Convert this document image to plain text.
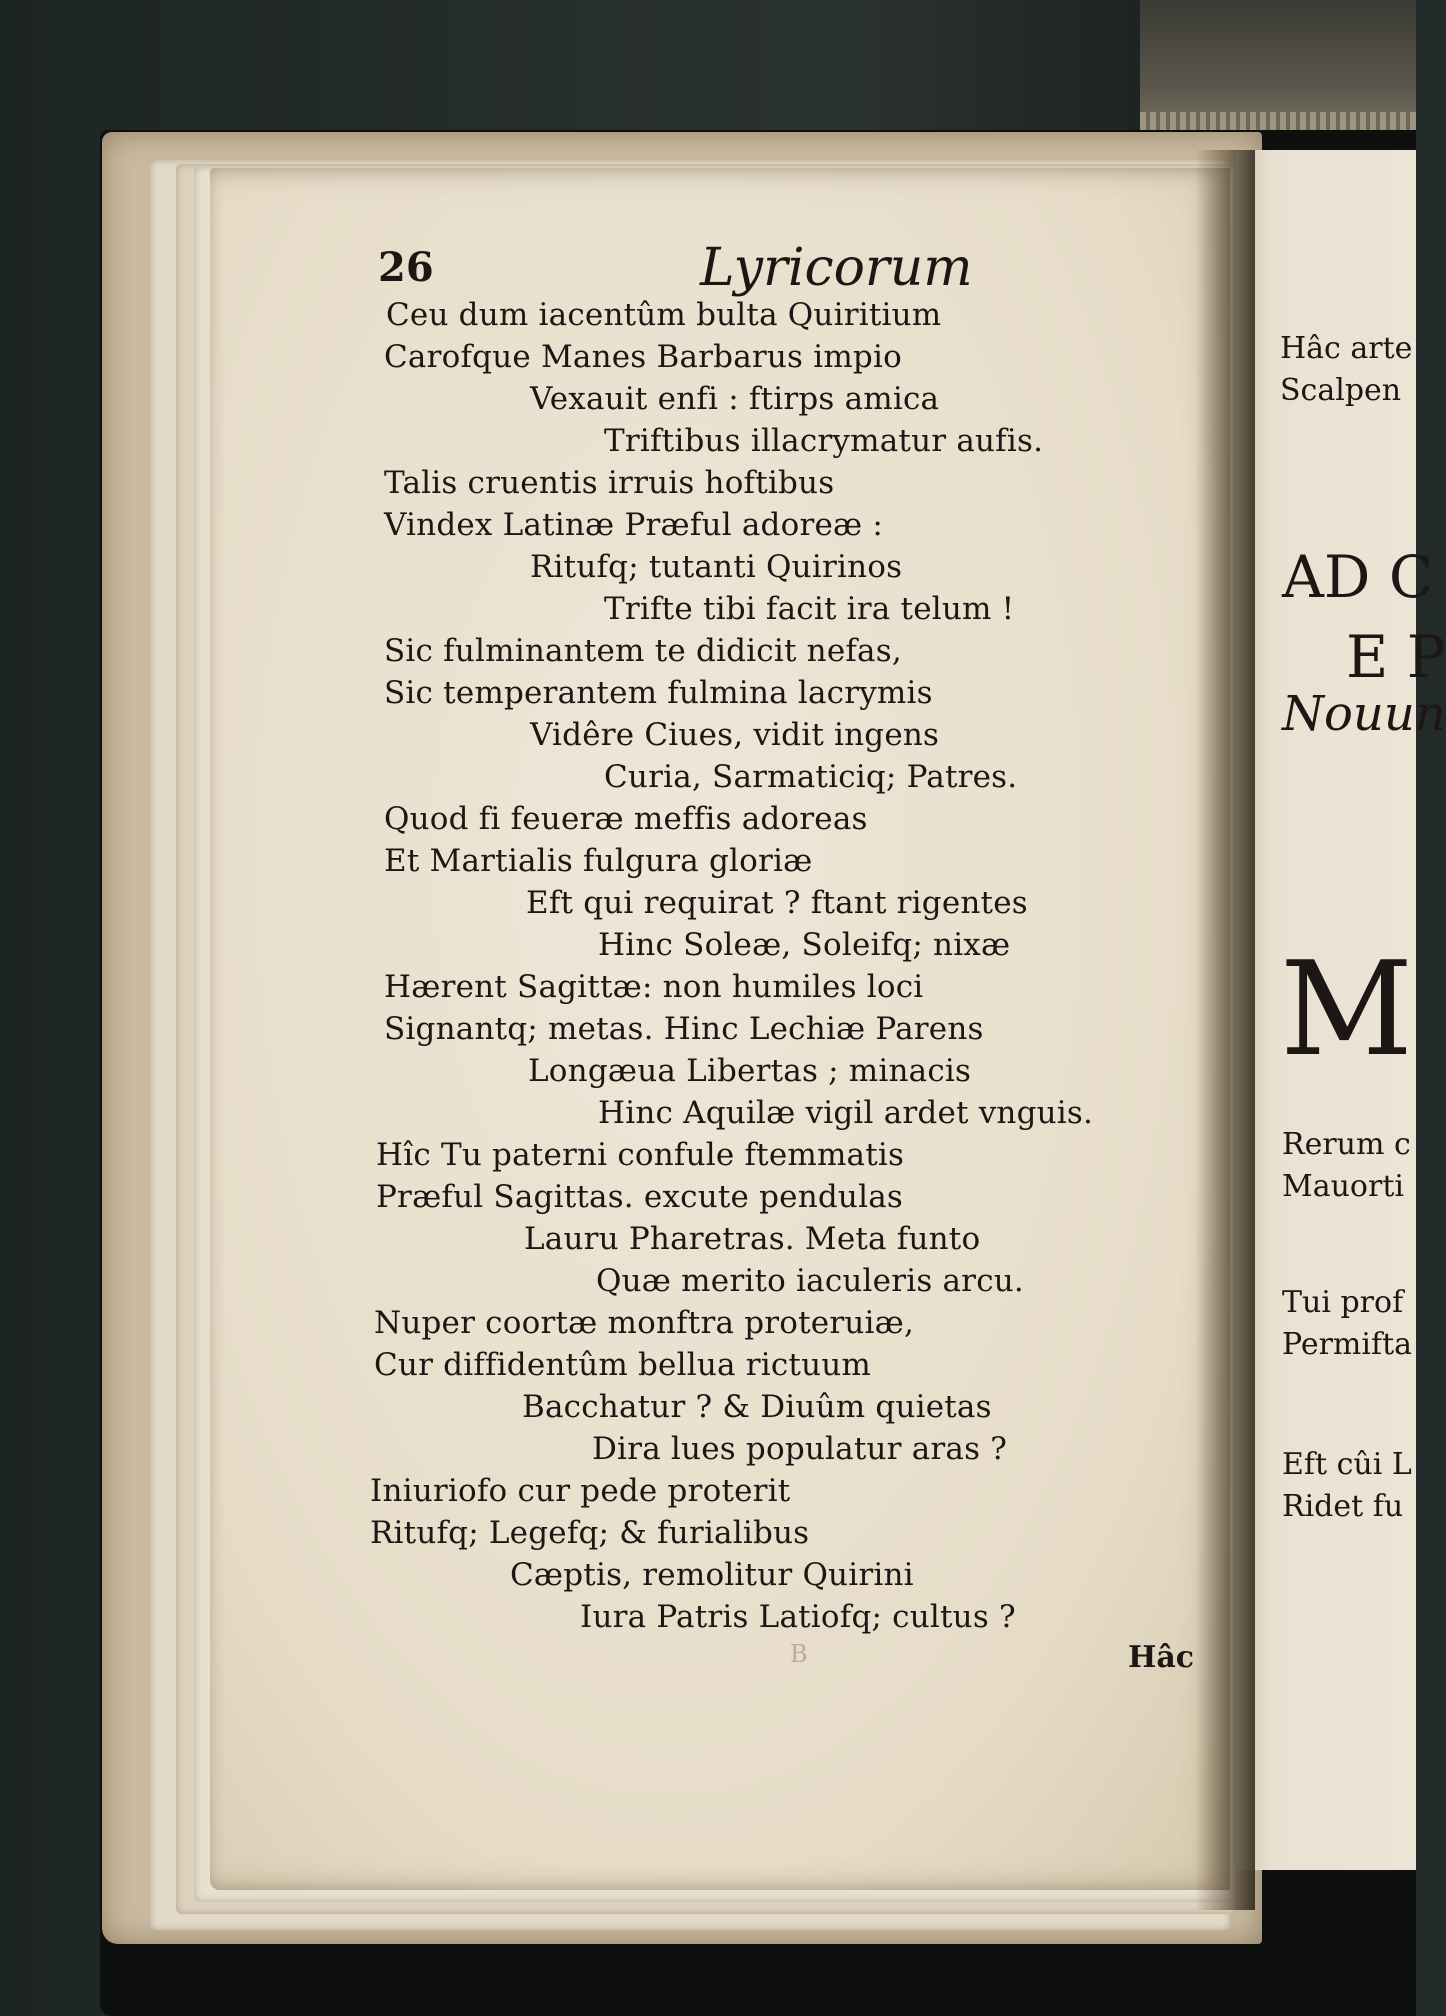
26	Lyricorum
Ceu dum iacentûm bulta Quiritium
Carofque Manes Barbarus impio
Vexauit enfi : ftirps amica
Triftibus illacrymatur aufis.
Talis cruentis irruis hoftibus
Vindex Latinæ Præful adoreæ :
Ritufq; tutanti Quirinos
Trifte tibi facit ira telum !
Sic fulminantem te didicit nefas,
Sic temperantem fulmina lacrymis
Vidêre Ciues, vidit ingens
Curia, Sarmaticiq; Patres.
Quod fi feueræ meffis adoreas
Et Martialis fulgura gloriæ
Eft qui requirat ? ftant rigentes
Hinc Soleæ, Soleifq; nixæ
Hærent Sagittæ: non humiles loci
Signantq; metas. Hinc Lechiæ Parens
Longæua Libertas ; minacis
Hinc Aquilæ vigil ardet vnguis.
Hîc Tu paterni confule ftemmatis
Præful Sagittas. excute pendulas
Lauru Pharetras. Meta funto
Quæ merito iaculeris arcu.
Nuper coortæ monftra proteruiæ,
Cur diffidentûm bellua rictuum
Bacchatur ? & Diuûm quietas
Dira lues populatur aras ?
Iniuriofo cur pede proterit
Ritufq; Legefq; & furialibus
Cæptis, remolitur Quirini
Iura Patris Latiofq; cultus ?
Hâc
B
Hâc arte
Scalpen
AD C
E P
Nouun
M
Rerum c
Mauorti
Tui prof
Permifta
Eft cûi L
Ridet fu
